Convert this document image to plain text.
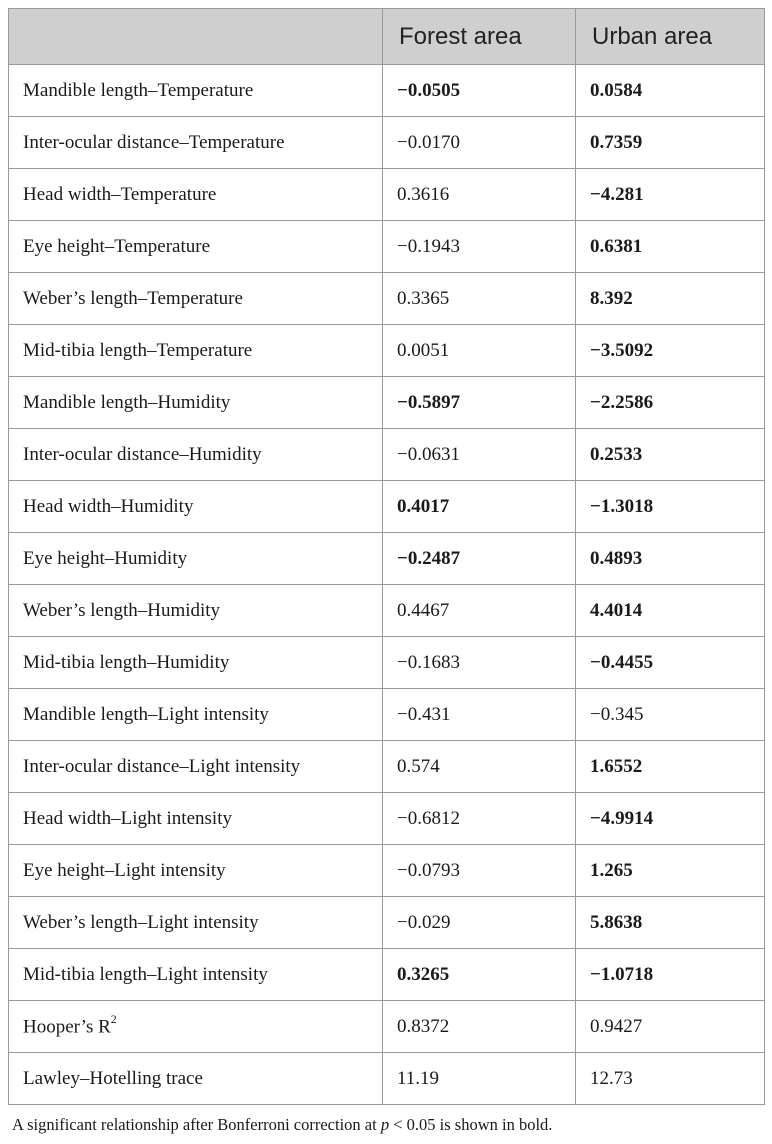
	Forest area	Urban area
Mandible length–Temperature	−0.0505	0.0584
Inter-ocular distance–Temperature	−0.0170	0.7359
Head width–Temperature	0.3616	−4.281
Eye height–Temperature	−0.1943	0.6381
Weber’s length–Temperature	0.3365	8.392
Mid-tibia length–Temperature	0.0051	−3.5092
Mandible length–Humidity	−0.5897	−2.2586
Inter-ocular distance–Humidity	−0.0631	0.2533
Head width–Humidity	0.4017	−1.3018
Eye height–Humidity	−0.2487	0.4893
Weber’s length–Humidity	0.4467	4.4014
Mid-tibia length–Humidity	−0.1683	−0.4455
Mandible length–Light intensity	−0.431	−0.345
Inter-ocular distance–Light intensity	0.574	1.6552
Head width–Light intensity	−0.6812	−4.9914
Eye height–Light intensity	−0.0793	1.265
Weber’s length–Light intensity	−0.029	5.8638
Mid-tibia length–Light intensity	0.3265	−1.0718
Hooper’s $R^2$	0.8372	0.9427
Lawley–Hotelling trace	11.19	12.73
A significant relationship after Bonferroni correction at p < 0.05 is shown in bold.
